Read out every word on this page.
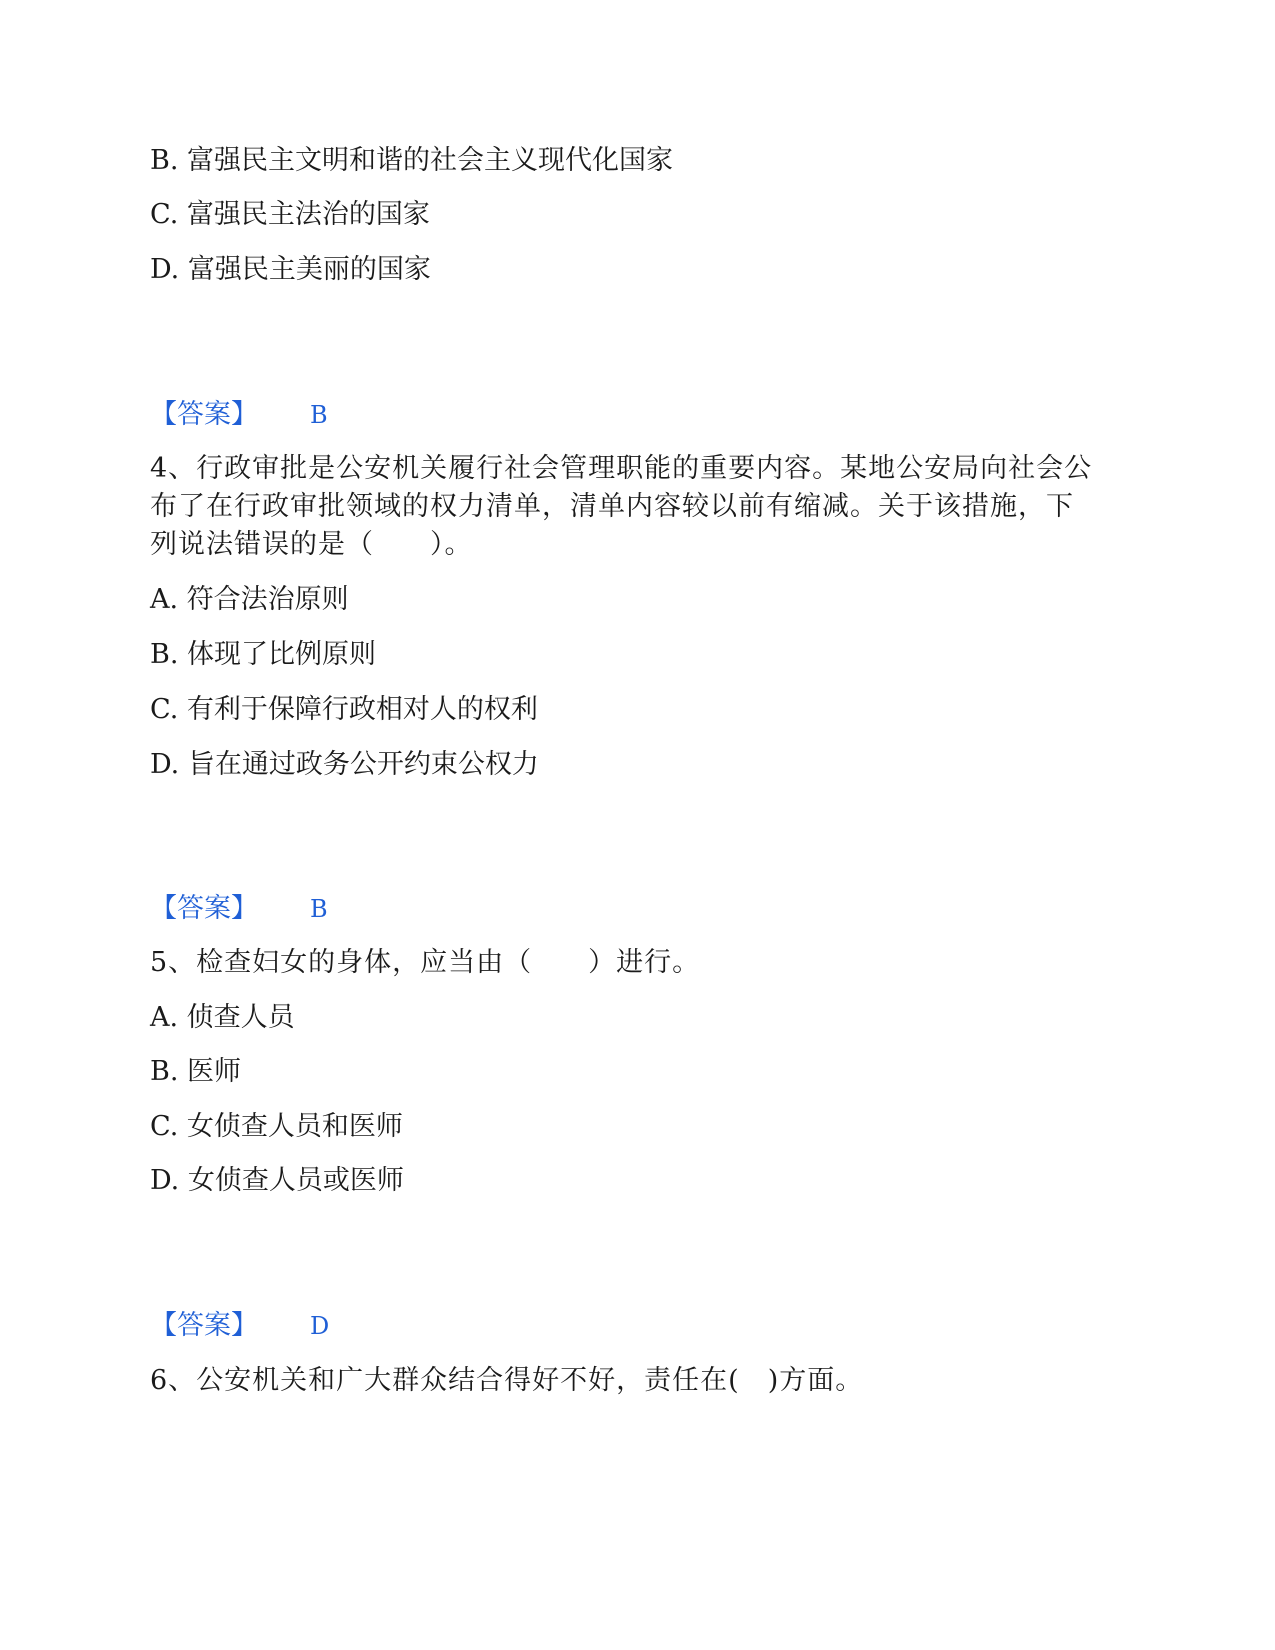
B. 富强民主文明和谐的社会主义现代化国家
C. 富强民主法治的国家
D. 富强民主美丽的国家
【答案】 B
4、行政审批是公安机关履行社会管理职能的重要内容。某地公安局向社会公布了在行政审批领域的权力清单，清单内容较以前有缩减。关于该措施，下列说法错误的是（　　）。
A. 符合法治原则
B. 体现了比例原则
C. 有利于保障行政相对人的权利
D. 旨在通过政务公开约束公权力
【答案】 B
5、检查妇女的身体，应当由（　　）进行。
A. 侦查人员
B. 医师
C. 女侦查人员和医师
D. 女侦查人员或医师
【答案】 D
6、公安机关和广大群众结合得好不好，责任在(　)方面。
